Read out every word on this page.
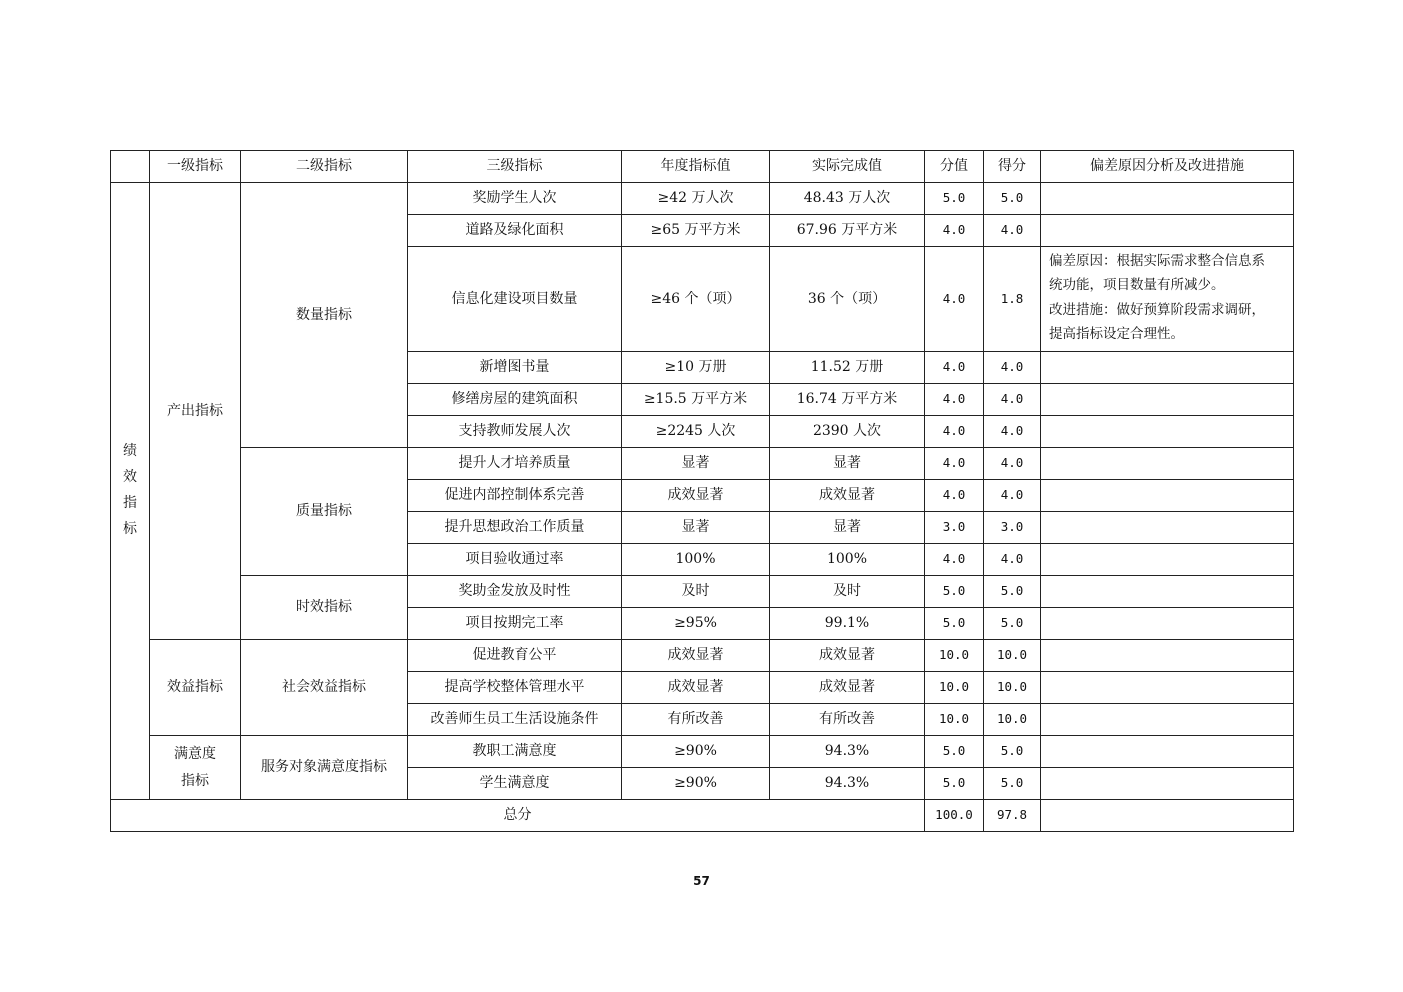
	一级指标	二级指标	三级指标	年度指标值	实际完成值	分值	得分	偏差原因分析及改进措施

绩
效
指
标	产出指标	数量指标	奖励学生人次	≥42 万人次	48.43 万人次	5.0	5.0	
			道路及绿化面积	≥65 万平方米	67.96 万平方米	4.0	4.0	
			信息化建设项目数量	≥46 个（项）	36 个（项）	4.0	1.8	偏差原因：根据实际需求整合信息系
统功能，项目数量有所减少。
改进措施：做好预算阶段需求调研，
提高指标设定合理性。

			新增图书量	≥10 万册	11.52 万册	4.0	4.0	
			修缮房屋的建筑面积	≥15.5 万平方米	16.74 万平方米	4.0	4.0	
			支持教师发展人次	≥2245 人次	2390 人次	4.0	4.0	
		质量指标	提升人才培养质量	显著	显著	4.0	4.0	
			促进内部控制体系完善	成效显著	成效显著	4.0	4.0	
			提升思想政治工作质量	显著	显著	3.0	3.0	
			项目验收通过率	100%	100%	4.0	4.0	
		时效指标	奖助金发放及时性	及时	及时	5.0	5.0	
			项目按期完工率	≥95%	99.1%	5.0	5.0	
	效益指标	社会效益指标	促进教育公平	成效显著	成效显著	10.0	10.0	
			提高学校整体管理水平	成效显著	成效显著	10.0	10.0	
			改善师生员工生活设施条件	有所改善	有所改善	10.0	10.0	

	满意度
指标	服务对象满意度指标	教职工满意度	≥90%	94.3%	5.0	5.0	
			学生满意度	≥90%	94.3%	5.0	5.0	
总分						100.0	97.8	
57
